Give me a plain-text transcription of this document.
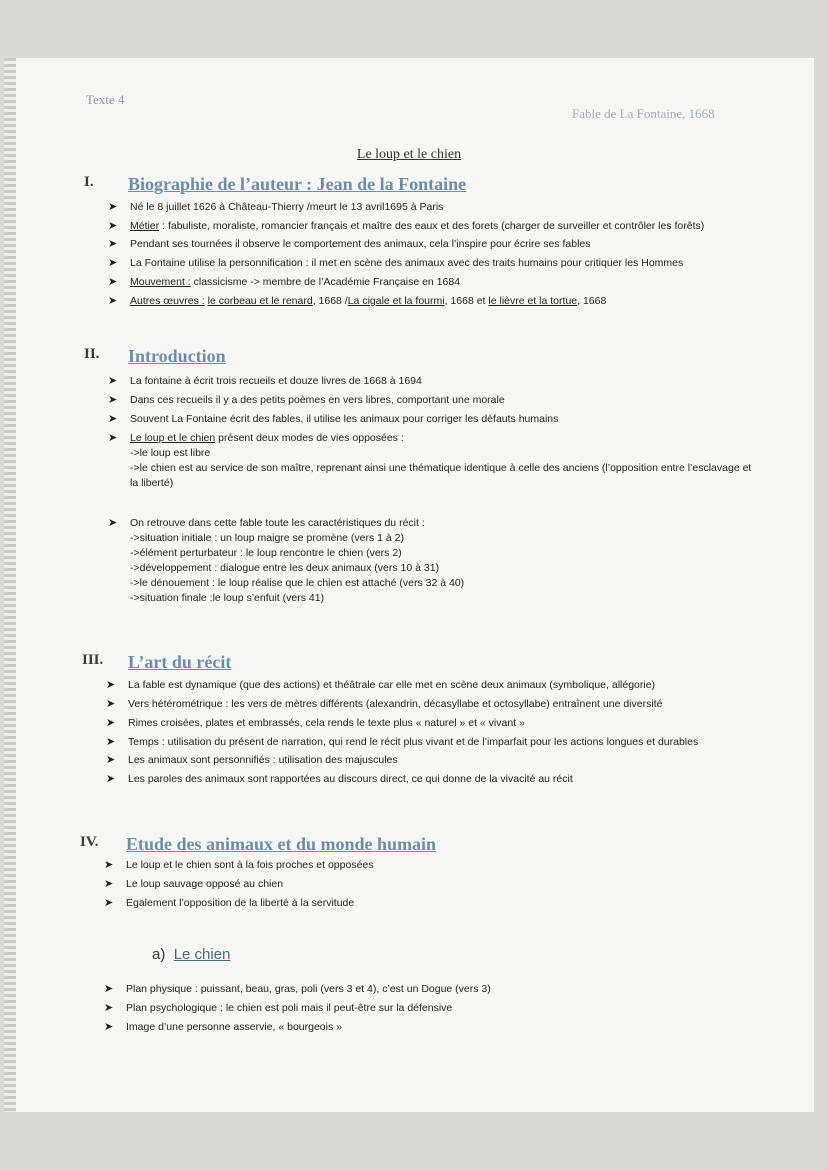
Texte 4
Fable de La Fontaine, 1668
Le loup et le chien
I. Biographie de l’auteur : Jean de la Fontaine
➤ Né le 8 juillet 1626 à Château-Thierry /meurt le 13 avril1695 à Paris
➤ Métier : fabuliste, moraliste, romancier français et maître des eaux et des forets (charger de surveiller et contrôler les forêts)
➤ Pendant ses tournées il observe le comportement des animaux, cela l’inspire pour écrire ses fables
➤ La Fontaine utilise la personnification : il met en scène des animaux avec des traits humains pour critiquer les Hommes
➤ Mouvement : classicisme -> membre de l’Académie Française en 1684
➤ Autres œuvres : le corbeau et le renard, 1668 /La cigale et la fourmi, 1668 et le lièvre et la tortue, 1668
II. Introduction
➤ La fontaine à écrit trois recueils et douze livres de 1668 à 1694
➤ Dans ces recueils il y a des petits poèmes en vers libres, comportant une morale
➤ Souvent La Fontaine écrit des fables, il utilise les animaux pour corriger les défauts humains
➤ Le loup et le chien présent deux modes de vies opposées :
->le loup est libre
->le chien est au service de son maître, reprenant ainsi une thématique identique à celle des anciens (l’opposition entre l’esclavage et la liberté)
➤ On retrouve dans cette fable toute les caractéristiques du récit :
->situation initiale : un loup maigre se promène (vers 1 à 2)
->élément perturbateur : le loup rencontre le chien (vers 2)
->développement : dialogue entre les deux animaux (vers 10 à 31)
->le dénouement : le loup réalise que le chien est attaché (vers 32 à 40)
->situation finale :le loup s’enfuit (vers 41)
III. L’art du récit
➤ La fable est dynamique (que des actions) et théâtrale car elle met en scène deux animaux (symbolique, allégorie)
➤ Vers hétérométrique : les vers de mètres différents (alexandrin, décasyllabe et octosyllabe) entraînent une diversité
➤ Rimes croisées, plates et embrassés, cela rends le texte plus « naturel » et « vivant »
➤ Temps : utilisation du présent de narration, qui rend le récit plus vivant et de l’imparfait pour les actions longues et durables
➤ Les animaux sont personnifiés : utilisation des majuscules
➤ Les paroles des animaux sont rapportées au discours direct, ce qui donne de la vivacité au récit
IV. Etude des animaux et du monde humain
➤ Le loup et le chien sont à la fois proches et opposées
➤ Le loup sauvage opposé au chien
➤ Egalement l’opposition de la liberté à la servitude
a) Le chien
➤ Plan physique : puissant, beau, gras, poli (vers 3 et 4), c’est un Dogue (vers 3)
➤ Plan psychologique : le chien est poli mais il peut-être sur la défensive
➤ Image d’une personne asservie, « bourgeois »
